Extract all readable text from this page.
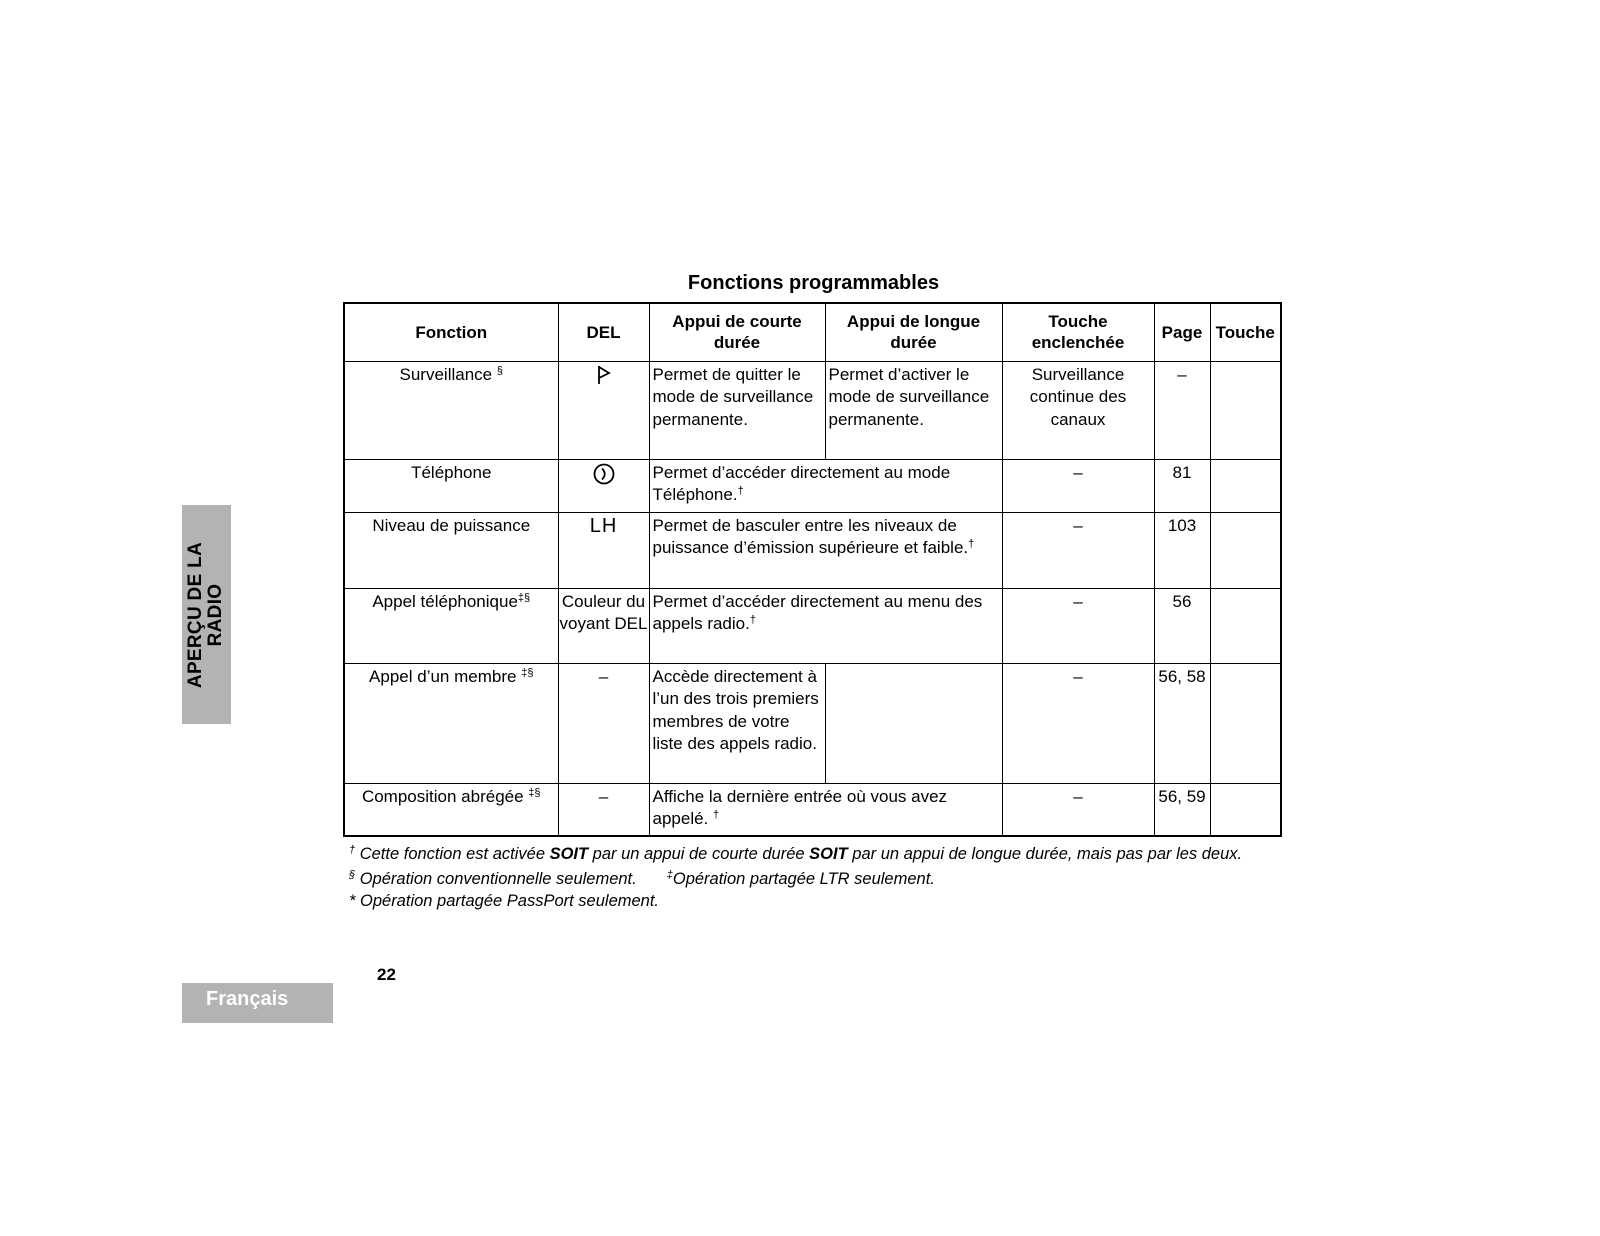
APERÇU DE LA RADIO
Fonctions programmables
Fonction	DEL	Appui de courte durée	Appui de longue durée	Touche enclenchée	Page	Touche
Surveillance §		Permet de quitter le mode de surveillance permanente.	Permet d’activer le mode de surveillance permanente.	Surveillance continue des canaux	–	
Téléphone		Permet d’accéder directement au mode Téléphone.†		–	81	
Niveau de puissance	LH	Permet de basculer entre les niveaux de puissance d’émission supérieure et faible.†		–	103	
Appel téléphonique‡§	Couleur du voyant DEL	Permet d’accéder directement au menu des appels radio.†		–	56	
Appel d’un membre ‡§	–	Accède directement à l’un des trois premiers membres de votre liste des appels radio.		–	56, 58	
Composition abrégée ‡§	–	Affiche la dernière entrée où vous avez appelé. †		–	56, 59	

† Cette fonction est activée SOIT par un appui de courte durée SOIT par un appui de longue durée, mais pas par les deux.

§ Opération conventionnelle seulement.	‡Opération partagée LTR seulement.

* Opération partagée PassPort seulement.

22
Français
